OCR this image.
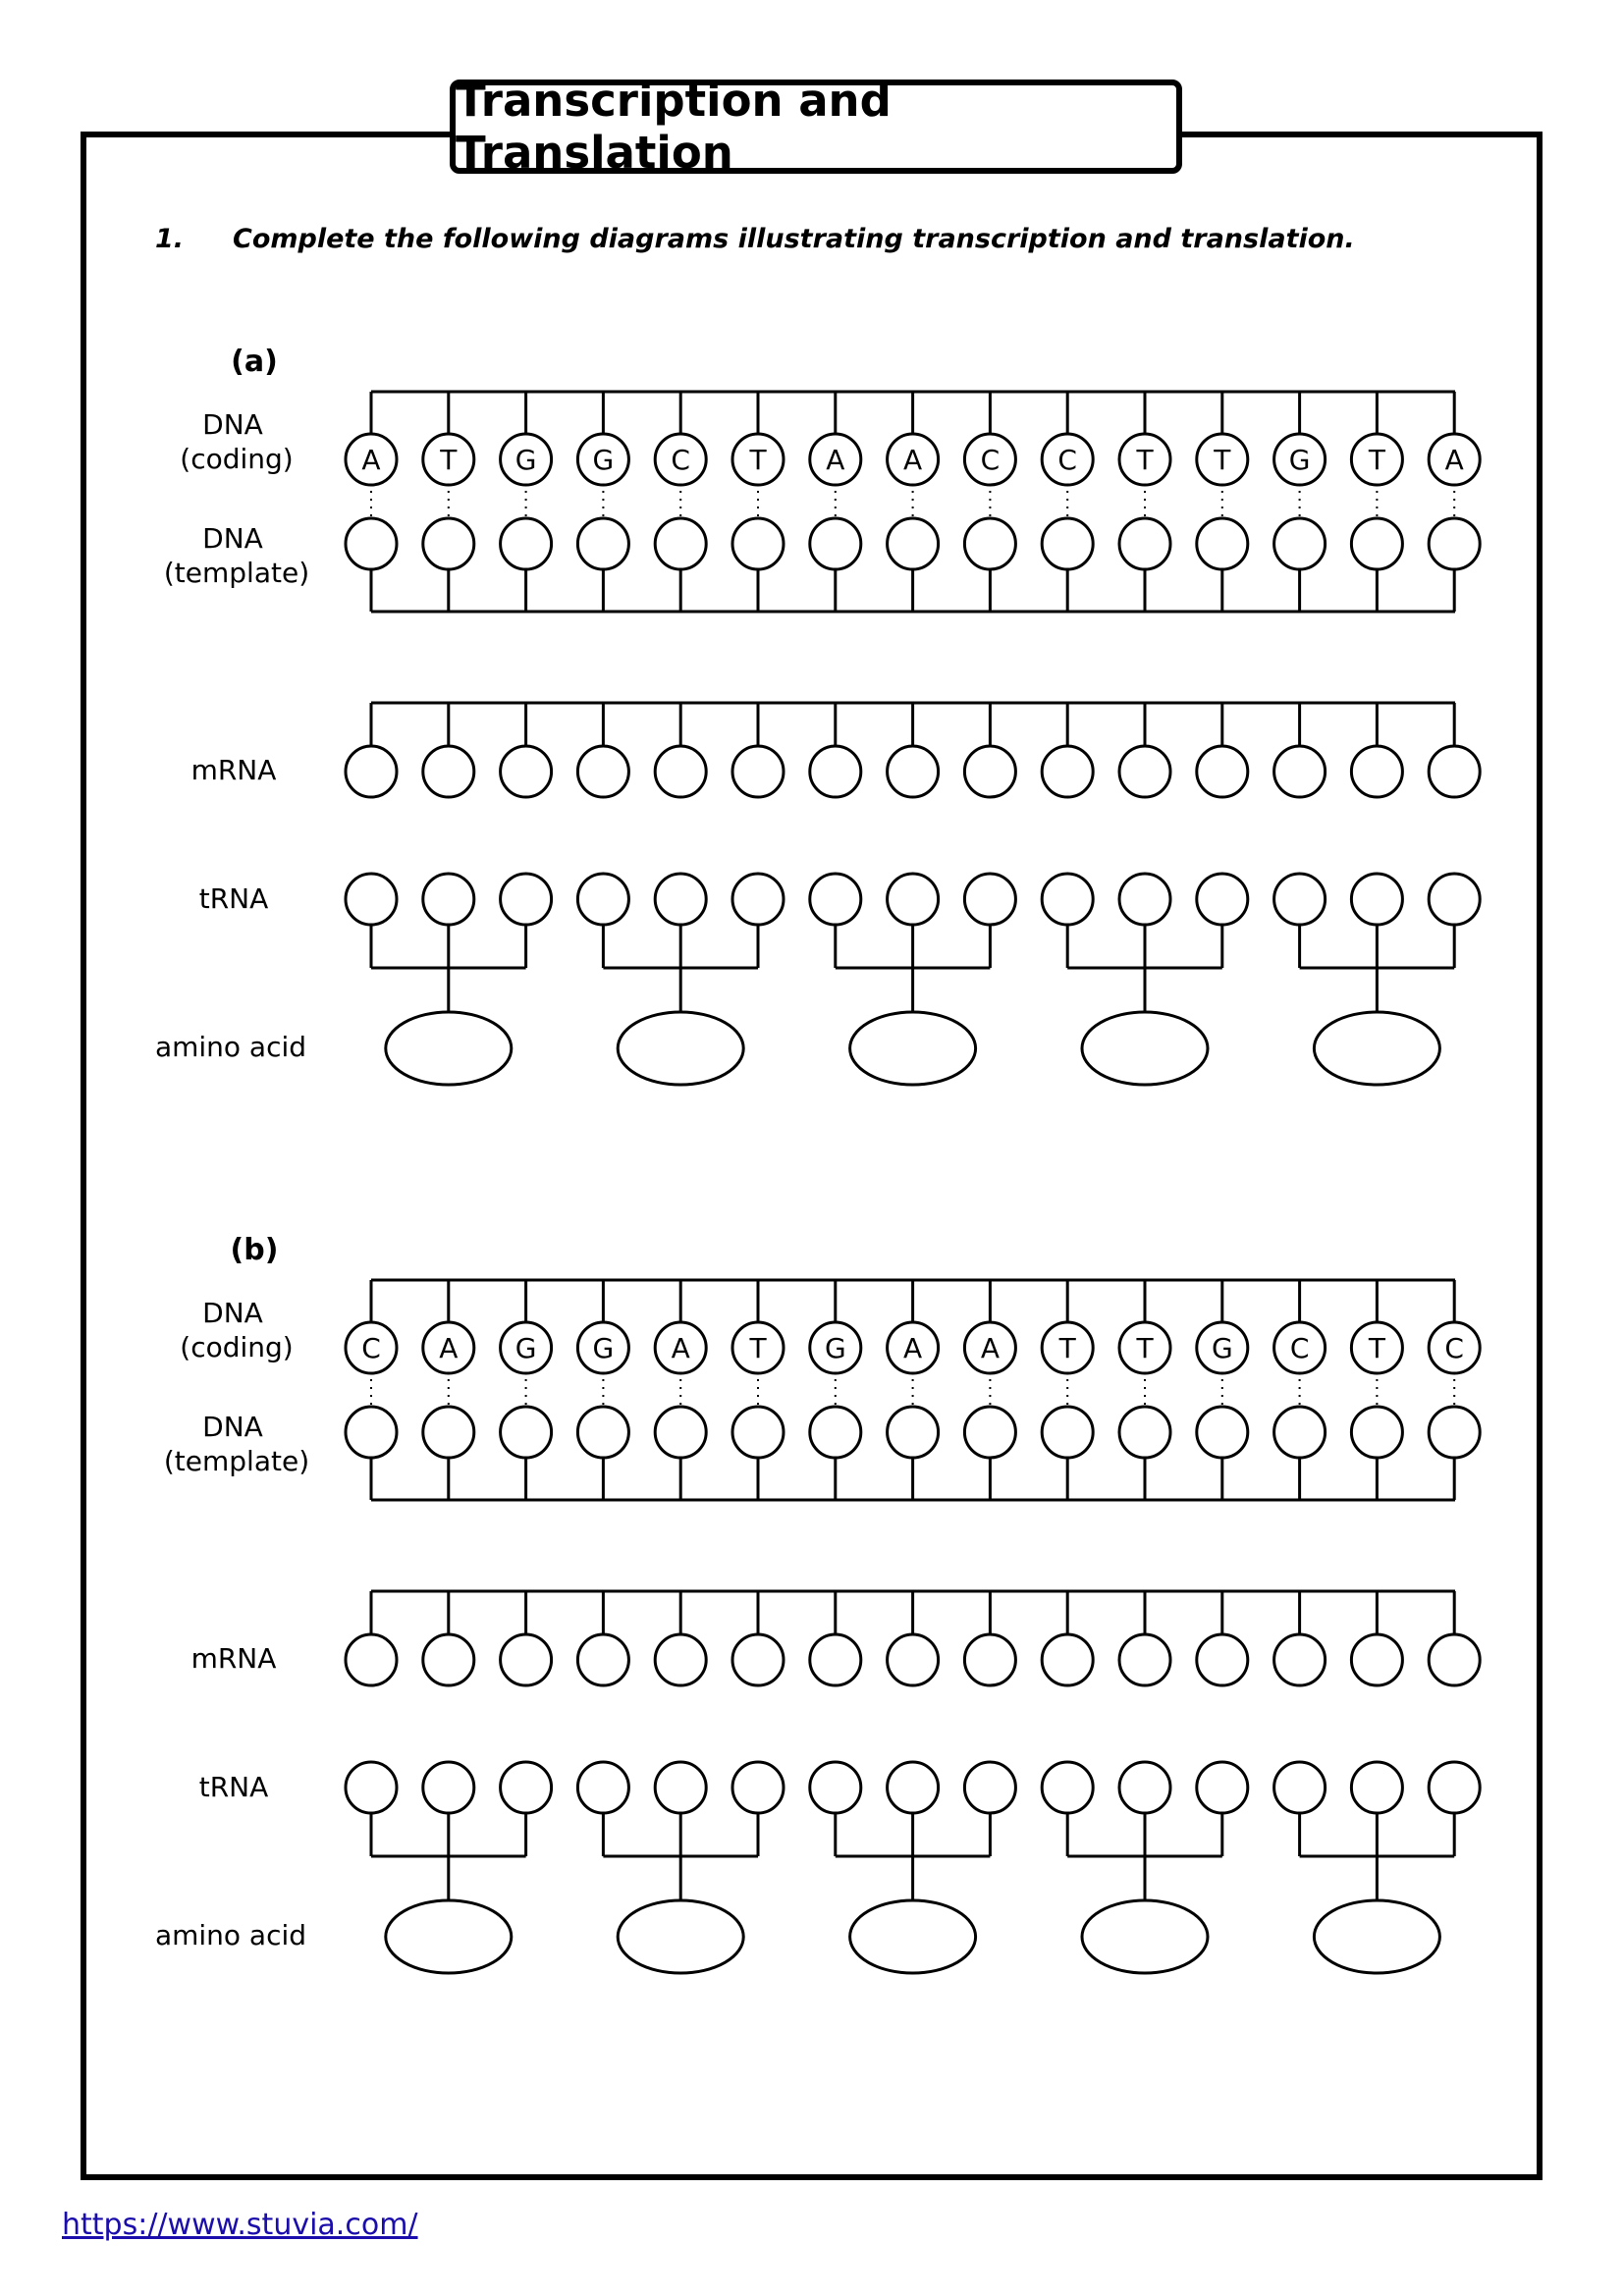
Transcription and Translation
1. Complete the following diagrams illustrating transcription and translation.
(a)
DNA
(coding)
DNA
(template)
mRNA
tRNA
amino acid
A T G G C T A A C C T T G T A
(b)
DNA
(coding)
DNA
(template)
mRNA
tRNA
amino acid
C A G G A T G A A T T G C T C
https://www.stuvia.com/
